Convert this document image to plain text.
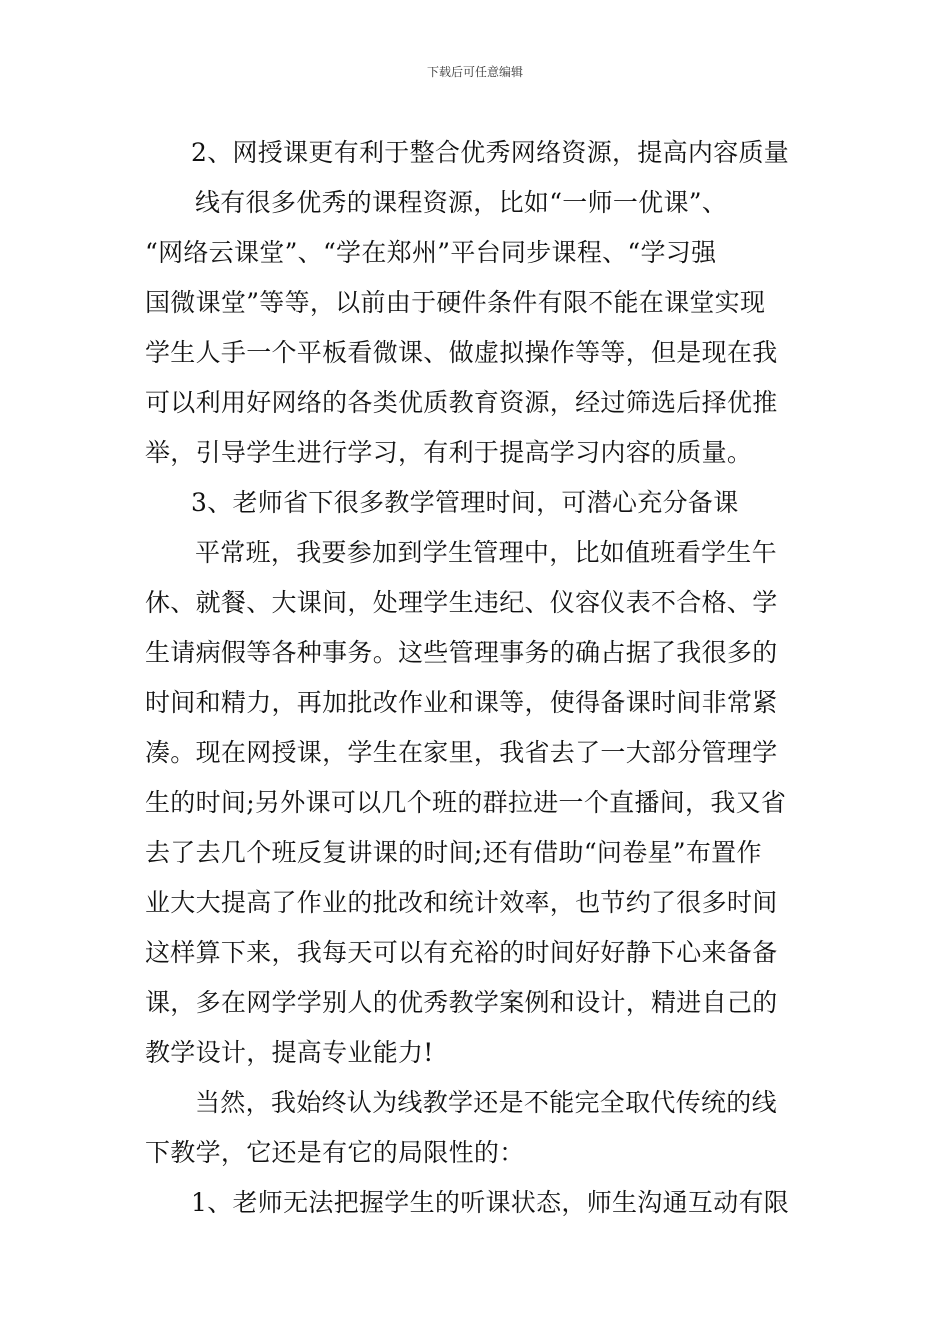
下载后可任意编辑
2、网授课更有利于整合优秀网络资源，提高内容质量
线有很多优秀的课程资源，比如“一师一优课”、
“网络云课堂”、“学在郑州”平台同步课程、“学习强
国微课堂”等等，以前由于硬件条件有限不能在课堂实现
学生人手一个平板看微课、做虚拟操作等等，但是现在我
可以利用好网络的各类优质教育资源，经过筛选后择优推
举，引导学生进行学习，有利于提高学习内容的质量。
3、老师省下很多教学管理时间，可潜心充分备课
平常班，我要参加到学生管理中，比如值班看学生午
休、就餐、大课间，处理学生违纪、仪容仪表不合格、学
生请病假等各种事务。这些管理事务的确占据了我很多的
时间和精力，再加批改作业和课等，使得备课时间非常紧
凑。现在网授课，学生在家里，我省去了一大部分管理学
生的时间;另外课可以几个班的群拉进一个直播间，我又省
去了去几个班反复讲课的时间;还有借助“问卷星”布置作
业大大提高了作业的批改和统计效率，也节约了很多时间
这样算下来，我每天可以有充裕的时间好好静下心来备备
课，多在网学学别人的优秀教学案例和设计，精进自己的
教学设计，提高专业能力!
当然，我始终认为线教学还是不能完全取代传统的线
下教学，它还是有它的局限性的：
1、老师无法把握学生的听课状态，师生沟通互动有限
